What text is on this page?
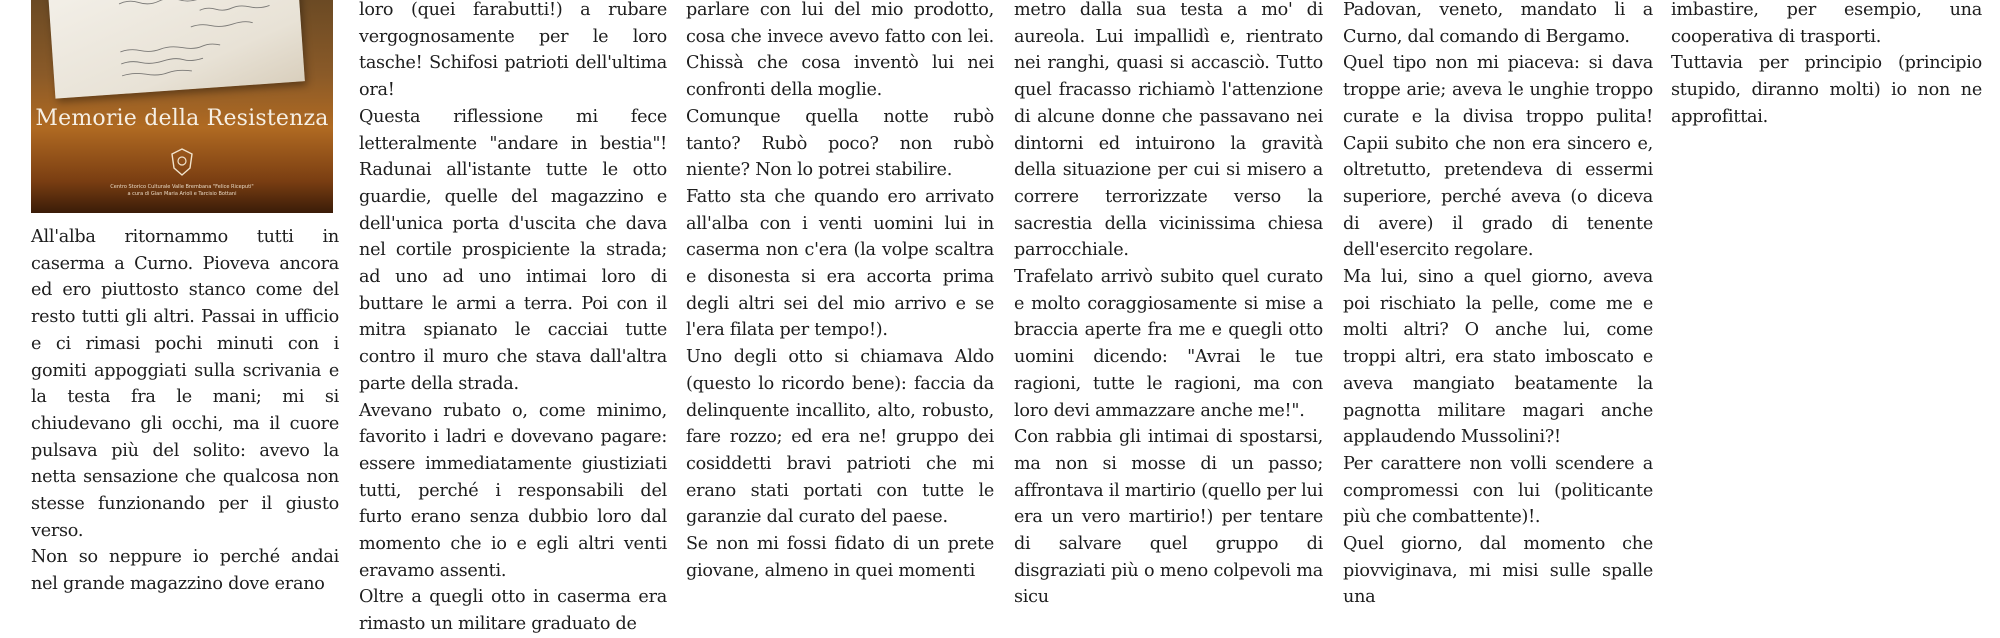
Memorie della Resistenza
Centro Storico Culturale Valle Brembana "Felice Riceputi"
a cura di Gian Maria Arioli e Tarcisio Bottani

All'alba ritornammo tutti in caserma a Curno. Pioveva ancora ed ero piuttosto stanco come del resto tutti gli altri. Passai in ufficio e ci rimasi pochi minuti con i gomiti appoggiati sulla scrivania e la testa fra le mani; mi si chiudevano gli occhi, ma il cuore pulsava più del solito: avevo la netta sensazione che qualcosa non stesse funzionando per il giusto verso.

Non so neppure io perché andai nel grande magazzino dove erano

loro (quei farabutti!) a rubare vergognosamente per le loro tasche! Schifosi patrioti dell'ultima ora!

Questa riflessione mi fece letteralmente "andare in bestia"! Radunai all'istante tutte le otto guardie, quelle del magazzino e dell'unica porta d'uscita che dava nel cortile prospiciente la strada; ad uno ad uno intimai loro di buttare le armi a terra. Poi con il mitra spianato le cacciai tutte contro il muro che stava dall'altra parte della strada.

Avevano rubato o, come minimo, favorito i ladri e dovevano pagare: essere immediatamente giustiziati tutti, perché i responsabili del furto erano senza dubbio loro dal momento che io e egli altri venti eravamo assenti.

Oltre a quegli otto in caserma era rimasto un militare graduato de

parlare con lui del mio prodotto, cosa che invece avevo fatto con lei. Chissà che cosa inventò lui nei confronti della moglie.

Comunque quella notte rubò tanto? Rubò poco? non rubò niente? Non lo potrei stabilire.

Fatto sta che quando ero arrivato all'alba con i venti uomini lui in caserma non c'era (la volpe scaltra e disonesta si era accorta prima degli altri sei del mio arrivo e se l'era filata per tempo!).

Uno degli otto si chiamava Aldo (questo lo ricordo bene): faccia da delinquente incallito, alto, robusto, fare rozzo; ed era ne! gruppo dei cosiddetti bravi patrioti che mi erano stati portati con tutte le garanzie dal curato del paese.

Se non mi fossi fidato di un prete giovane, almeno in quei momenti

metro dalla sua testa a mo' di aureola. Lui impallidì e, rientrato nei ranghi, quasi si accasciò. Tutto quel fracasso richiamò l'attenzione di alcune donne che passavano nei dintorni ed intuirono la gravità della situazione per cui si misero a correre terrorizzate verso la sacrestia della vicinissima chiesa parrocchiale.

Trafelato arrivò subito quel curato e molto coraggiosamente si mise a braccia aperte fra me e quegli otto uomini dicendo: "Avrai le tue ragioni, tutte le ragioni, ma con loro devi ammazzare anche me!".

Con rabbia gli intimai di spostarsi, ma non si mosse di un passo; affrontava il martirio (quello per lui era un vero martirio!) per tentare di salvare quel gruppo di disgraziati più o meno colpevoli ma sicu

Padovan, veneto, mandato li a Curno, dal comando di Bergamo.

Quel tipo non mi piaceva: si dava troppe arie; aveva le unghie troppo curate e la divisa troppo pulita! Capii subito che non era sincero e, oltretutto, pretendeva di essermi superiore, perché aveva (o diceva di avere) il grado di tenente dell'esercito regolare.

Ma lui, sino a quel giorno, aveva poi rischiato la pelle, come me e molti altri? O anche lui, come troppi altri, era stato imboscato e aveva mangiato beatamente la pagnotta militare magari anche applaudendo Mussolini?!

Per carattere non volli scendere a compromessi con lui (politicante più che combattente)!.

Quel giorno, dal momento che piovviginava, mi misi sulle spalle una

imbastire, per esempio, una cooperativa di trasporti.

Tuttavia per principio (principio stupido, diranno molti) io non ne approfittai.
